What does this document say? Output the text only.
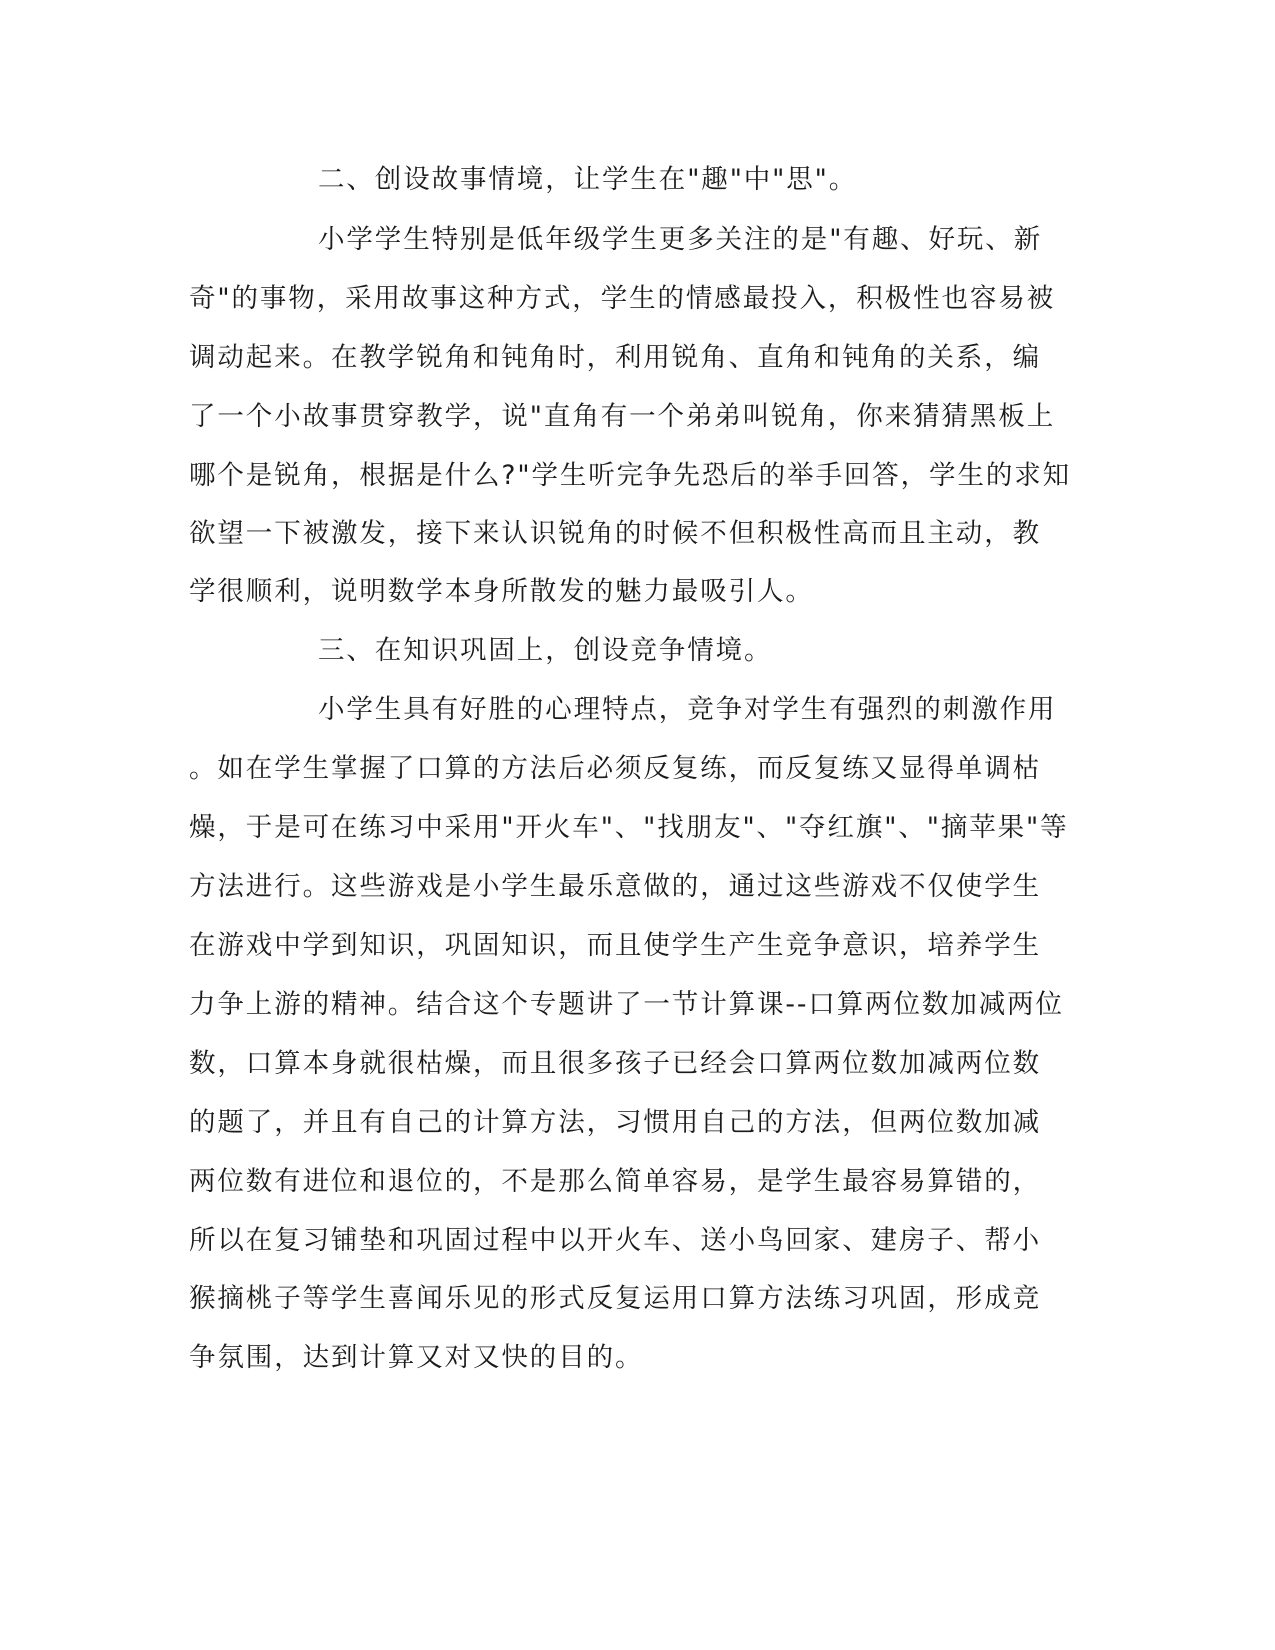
二、创设故事情境，让学生在"趣"中"思"。
小学学生特别是低年级学生更多关注的是"有趣、好玩、新
奇"的事物，采用故事这种方式，学生的情感最投入，积极性也容易被
调动起来。在教学锐角和钝角时，利用锐角、直角和钝角的关系，编
了一个小故事贯穿教学，说"直角有一个弟弟叫锐角，你来猜猜黑板上
哪个是锐角，根据是什么?"学生听完争先恐后的举手回答，学生的求知
欲望一下被激发，接下来认识锐角的时候不但积极性高而且主动，教
学很顺利，说明数学本身所散发的魅力最吸引人。
三、在知识巩固上，创设竞争情境。
小学生具有好胜的心理特点，竞争对学生有强烈的刺激作用
。如在学生掌握了口算的方法后必须反复练，而反复练又显得单调枯
燥，于是可在练习中采用"开火车"、"找朋友"、"夺红旗"、"摘苹果"等
方法进行。这些游戏是小学生最乐意做的，通过这些游戏不仅使学生
在游戏中学到知识，巩固知识，而且使学生产生竞争意识，培养学生
力争上游的精神。结合这个专题讲了一节计算课--口算两位数加减两位
数，口算本身就很枯燥，而且很多孩子已经会口算两位数加减两位数
的题了，并且有自己的计算方法，习惯用自己的方法，但两位数加减
两位数有进位和退位的，不是那么简单容易，是学生最容易算错的，
所以在复习铺垫和巩固过程中以开火车、送小鸟回家、建房子、帮小
猴摘桃子等学生喜闻乐见的形式反复运用口算方法练习巩固，形成竞
争氛围，达到计算又对又快的目的。
